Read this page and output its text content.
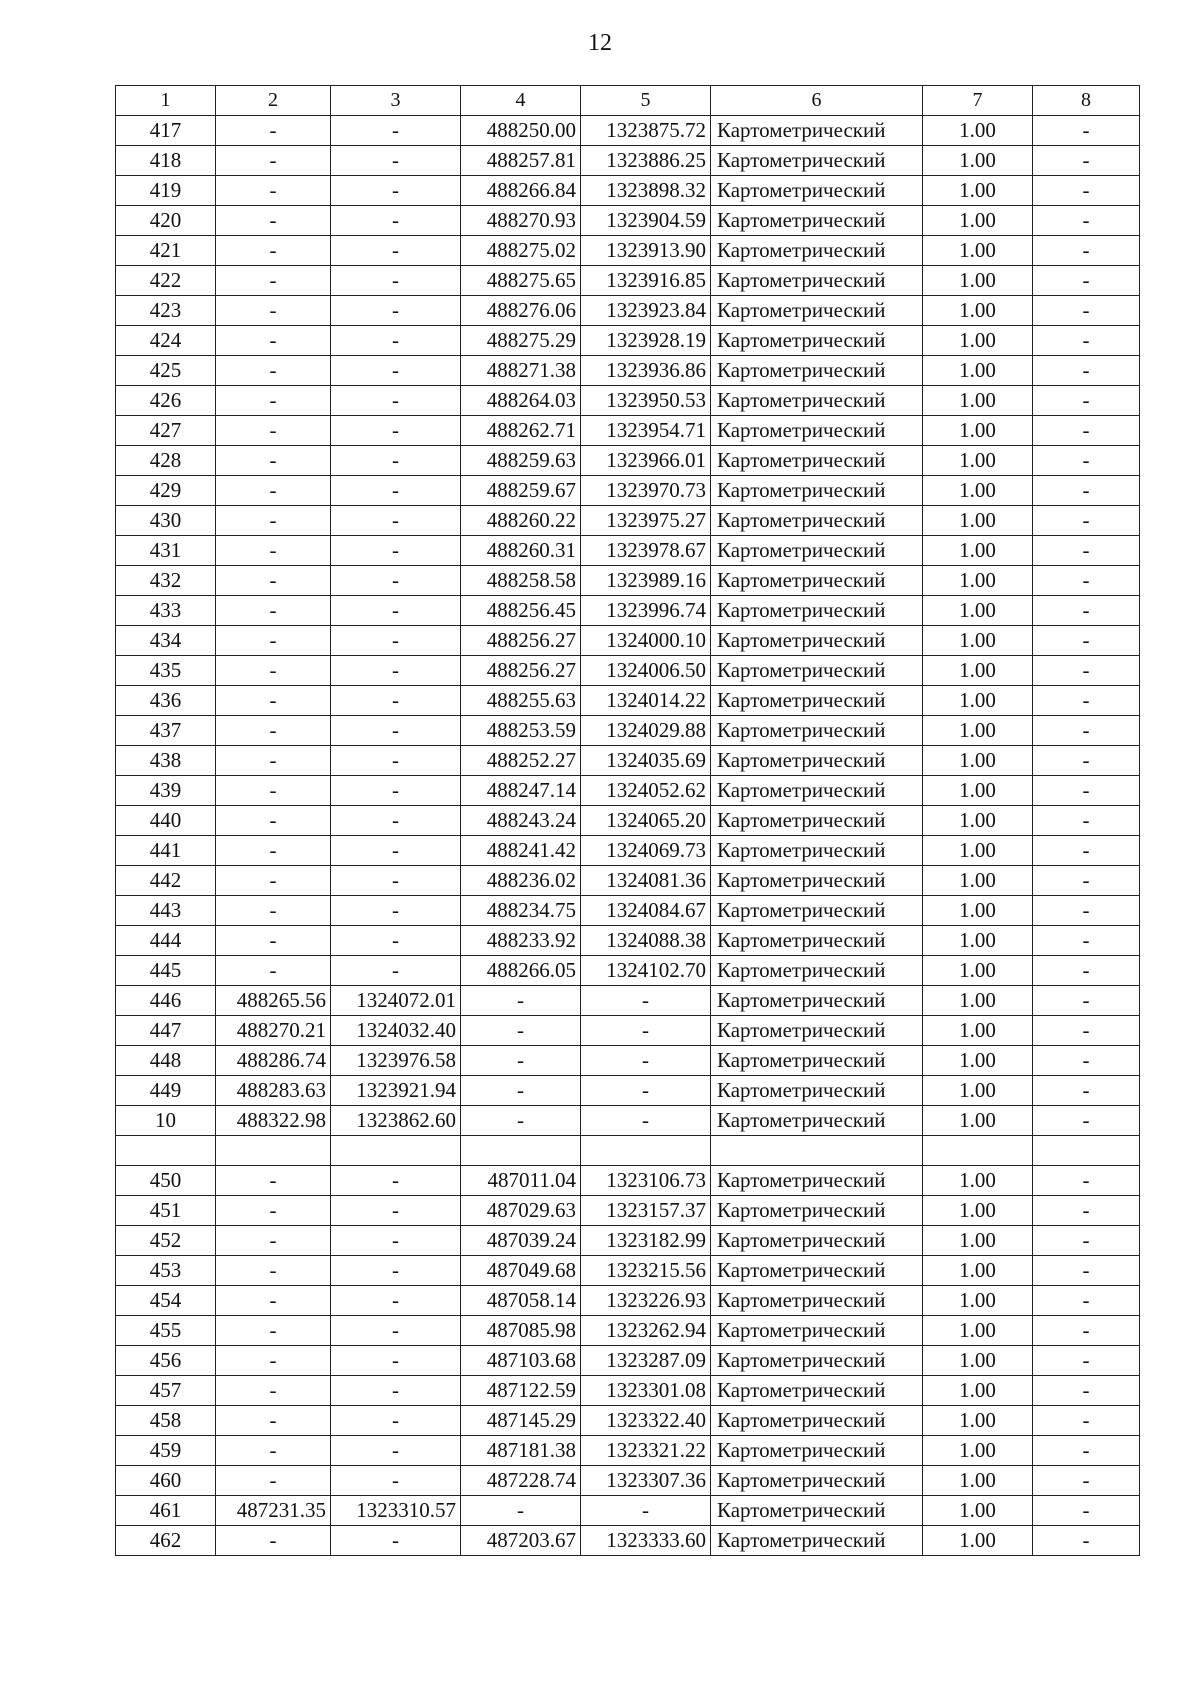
12
1	2	3	4	5	6	7	8
417	-	-	488250.00	1323875.72	Картометрический	1.00	-
418	-	-	488257.81	1323886.25	Картометрический	1.00	-
419	-	-	488266.84	1323898.32	Картометрический	1.00	-
420	-	-	488270.93	1323904.59	Картометрический	1.00	-
421	-	-	488275.02	1323913.90	Картометрический	1.00	-
422	-	-	488275.65	1323916.85	Картометрический	1.00	-
423	-	-	488276.06	1323923.84	Картометрический	1.00	-
424	-	-	488275.29	1323928.19	Картометрический	1.00	-
425	-	-	488271.38	1323936.86	Картометрический	1.00	-
426	-	-	488264.03	1323950.53	Картометрический	1.00	-
427	-	-	488262.71	1323954.71	Картометрический	1.00	-
428	-	-	488259.63	1323966.01	Картометрический	1.00	-
429	-	-	488259.67	1323970.73	Картометрический	1.00	-
430	-	-	488260.22	1323975.27	Картометрический	1.00	-
431	-	-	488260.31	1323978.67	Картометрический	1.00	-
432	-	-	488258.58	1323989.16	Картометрический	1.00	-
433	-	-	488256.45	1323996.74	Картометрический	1.00	-
434	-	-	488256.27	1324000.10	Картометрический	1.00	-
435	-	-	488256.27	1324006.50	Картометрический	1.00	-
436	-	-	488255.63	1324014.22	Картометрический	1.00	-
437	-	-	488253.59	1324029.88	Картометрический	1.00	-
438	-	-	488252.27	1324035.69	Картометрический	1.00	-
439	-	-	488247.14	1324052.62	Картометрический	1.00	-
440	-	-	488243.24	1324065.20	Картометрический	1.00	-
441	-	-	488241.42	1324069.73	Картометрический	1.00	-
442	-	-	488236.02	1324081.36	Картометрический	1.00	-
443	-	-	488234.75	1324084.67	Картометрический	1.00	-
444	-	-	488233.92	1324088.38	Картометрический	1.00	-
445	-	-	488266.05	1324102.70	Картометрический	1.00	-
446	488265.56	1324072.01	-	-	Картометрический	1.00	-
447	488270.21	1324032.40	-	-	Картометрический	1.00	-
448	488286.74	1323976.58	-	-	Картометрический	1.00	-
449	488283.63	1323921.94	-	-	Картометрический	1.00	-
10	488322.98	1323862.60	-	-	Картометрический	1.00	-

450	-	-	487011.04	1323106.73	Картометрический	1.00	-
451	-	-	487029.63	1323157.37	Картометрический	1.00	-
452	-	-	487039.24	1323182.99	Картометрический	1.00	-
453	-	-	487049.68	1323215.56	Картометрический	1.00	-
454	-	-	487058.14	1323226.93	Картометрический	1.00	-
455	-	-	487085.98	1323262.94	Картометрический	1.00	-
456	-	-	487103.68	1323287.09	Картометрический	1.00	-
457	-	-	487122.59	1323301.08	Картометрический	1.00	-
458	-	-	487145.29	1323322.40	Картометрический	1.00	-
459	-	-	487181.38	1323321.22	Картометрический	1.00	-
460	-	-	487228.74	1323307.36	Картометрический	1.00	-
461	487231.35	1323310.57	-	-	Картометрический	1.00	-
462	-	-	487203.67	1323333.60	Картометрический	1.00	-
